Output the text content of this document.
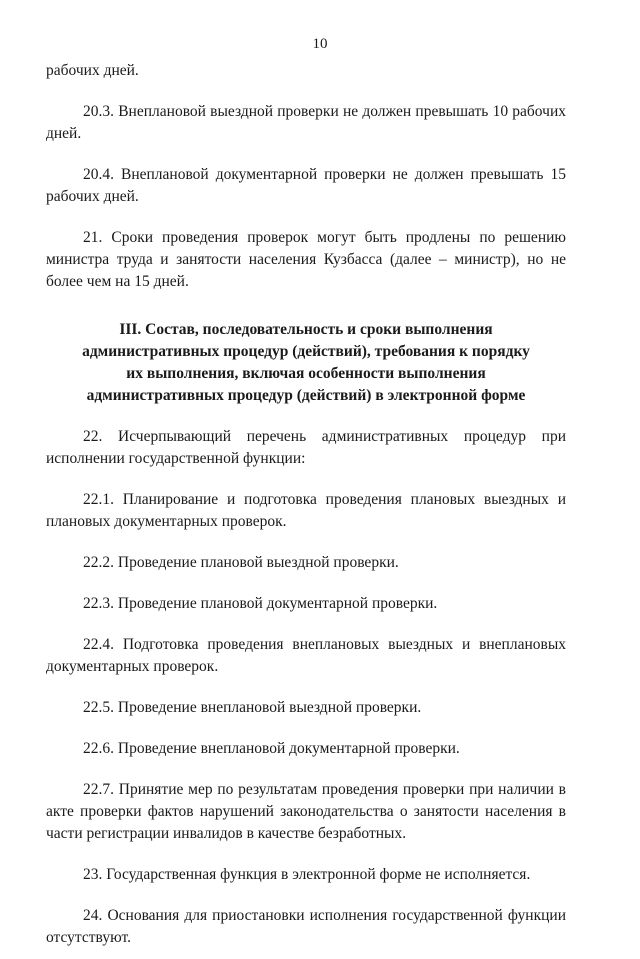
10

рабочих дней.

20.3. Внеплановой выездной проверки не должен превышать 10 рабочих дней.

20.4. Внеплановой документарной проверки не должен превышать 15 рабочих дней.

21. Сроки проведения проверок могут быть продлены по решению министра труда и занятости населения Кузбасса (далее – министр), но не более чем на 15 дней.

III. Состав, последовательность и сроки выполнения
административных процедур (действий), требования к порядку
их выполнения, включая особенности выполнения
административных процедур (действий) в электронной форме

22. Исчерпывающий перечень административных процедур при исполнении государственной функции:

22.1. Планирование и подготовка проведения плановых выездных и плановых документарных проверок.

22.2. Проведение плановой выездной проверки.

22.3. Проведение плановой документарной проверки.

22.4. Подготовка проведения внеплановых выездных и внеплановых документарных проверок.

22.5. Проведение внеплановой выездной проверки.

22.6. Проведение внеплановой документарной проверки.

22.7. Принятие мер по результатам проведения проверки при наличии в акте проверки фактов нарушений законодательства о занятости населения в части регистрации инвалидов в качестве безработных.

23. Государственная функция в электронной форме не исполняется.

24. Основания для приостановки исполнения государственной функции отсутствуют.
